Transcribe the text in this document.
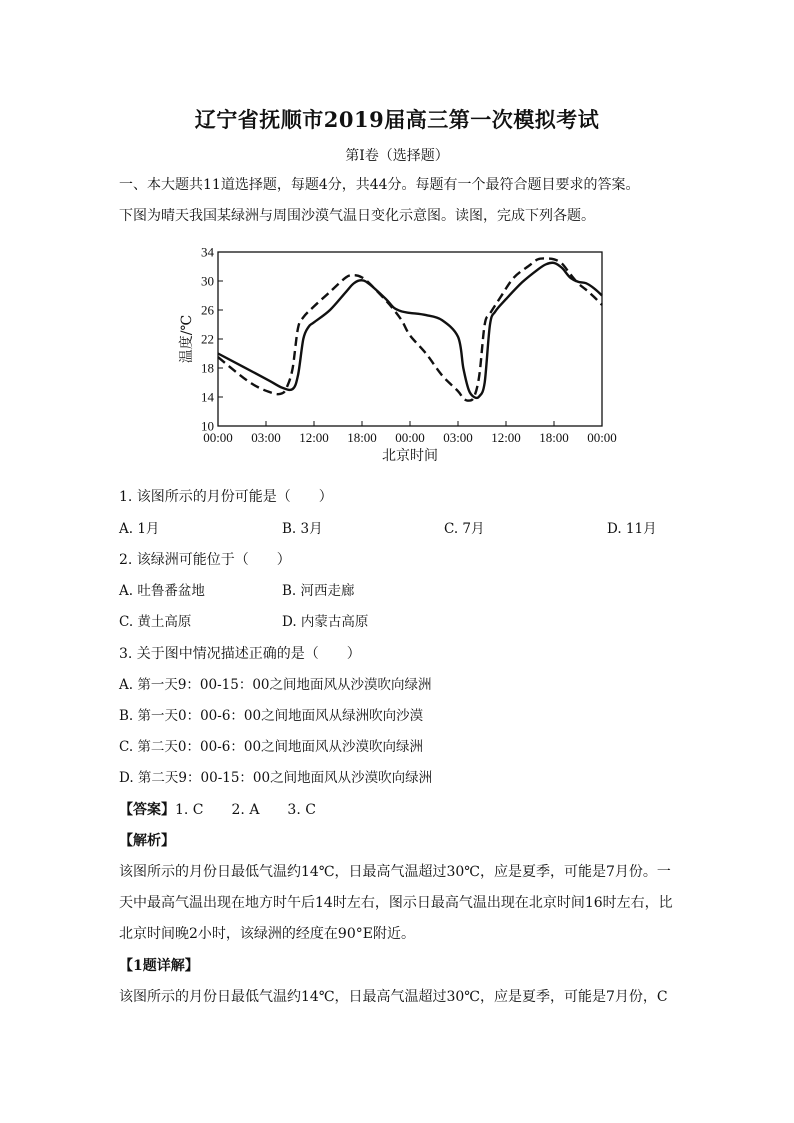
辽宁省抚顺市2019届高三第一次模拟考试
第Ⅰ卷（选择题）
一、本大题共11道选择题，每题4分，共44分。每题有一个最符合题目要求的答案。
下图为晴天我国某绿洲与周围沙漠气温日变化示意图。读图，完成下列各题。
10
14
18
22
26
30
34
00:00 03:00 12:00 18:00 00:00 03:00 12:00 18:00 00:00
北京时间
温度/℃
1. 该图所示的月份可能是（　　）
A. 1月	B. 3月	C. 7月	D. 11月
2. 该绿洲可能位于（　　）
A. 吐鲁番盆地	B. 河西走廊
C. 黄土高原	D. 内蒙古高原
3. 关于图中情况描述正确的是（　　）
A. 第一天9：00-15：00之间地面风从沙漠吹向绿洲
B. 第一天0：00-6：00之间地面风从绿洲吹向沙漠
C. 第二天0：00-6：00之间地面风从沙漠吹向绿洲
D. 第二天9：00-15：00之间地面风从沙漠吹向绿洲
【答案】1. C　　2. A　　3. C
【解析】
该图所示的月份日最低气温约14℃，日最高气温超过30℃，应是夏季，可能是7月份。一
天中最高气温出现在地方时午后14时左右，图示日最高气温出现在北京时间16时左右，比
北京时间晚2小时，该绿洲的经度在90°E附近。
【1题详解】
该图所示的月份日最低气温约14℃，日最高气温超过30℃，应是夏季，可能是7月份，C
